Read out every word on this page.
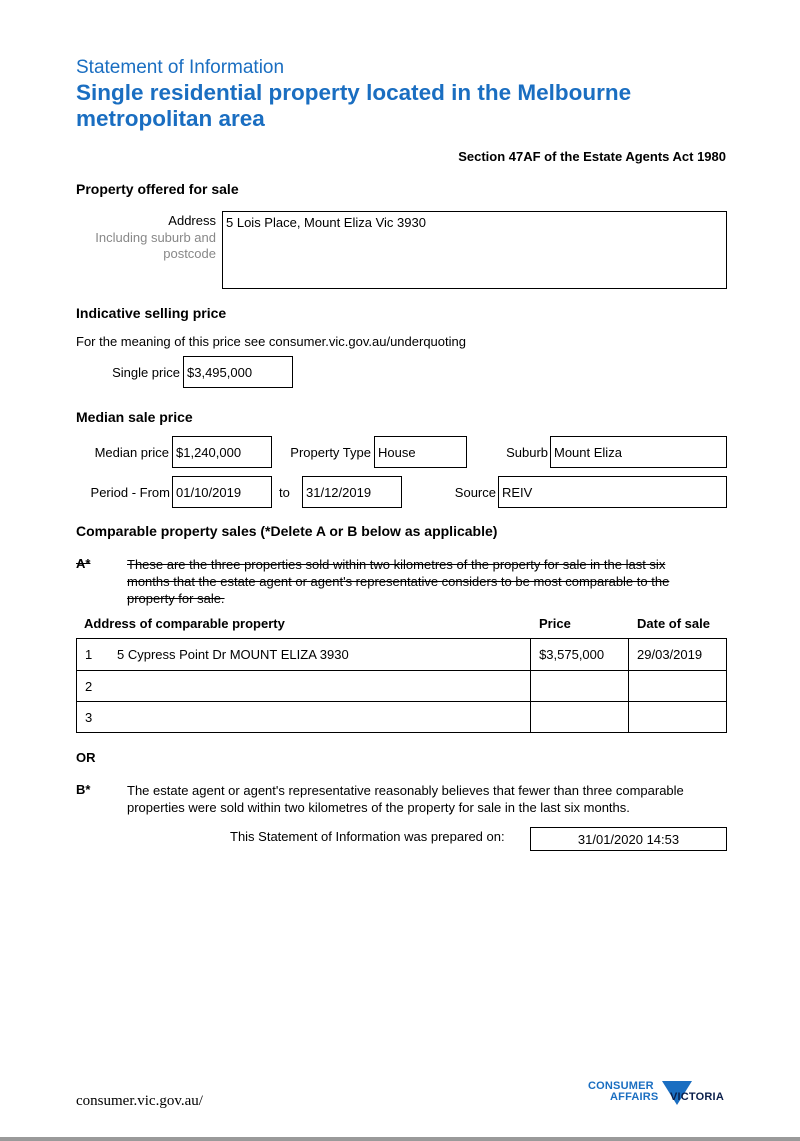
Statement of Information
Single residential property located in the Melbourne metropolitan area
Section 47AF of the Estate Agents Act 1980
Property offered for sale
Address
Including suburb and
postcode
5 Lois Place, Mount Eliza Vic 3930
Indicative selling price
For the meaning of this price see consumer.vic.gov.au/underquoting
Single price $3,495,000
Median sale price
Median price $1,240,000	Property Type House	Suburb Mount Eliza
Period - From 01/10/2019	to	31/12/2019	Source REIV
Comparable property sales (*Delete A or B below as applicable)
A*	These are the three properties sold within two kilometres of the property for sale in the last six
months that the estate agent or agent's representative considers to be most comparable to the
property for sale.
Address of comparable property	Price	Date of sale
1 5 Cypress Point Dr MOUNT ELIZA 3930	$3,575,000	29/03/2019
2		
3		
OR
B*	The estate agent or agent's representative reasonably believes that fewer than three comparable
properties were sold within two kilometres of the property for sale in the last six months.
This Statement of Information was prepared on:	31/01/2020 14:53
consumer.vic.gov.au/
CONSUMER
AFFAIRS VICTORIA
